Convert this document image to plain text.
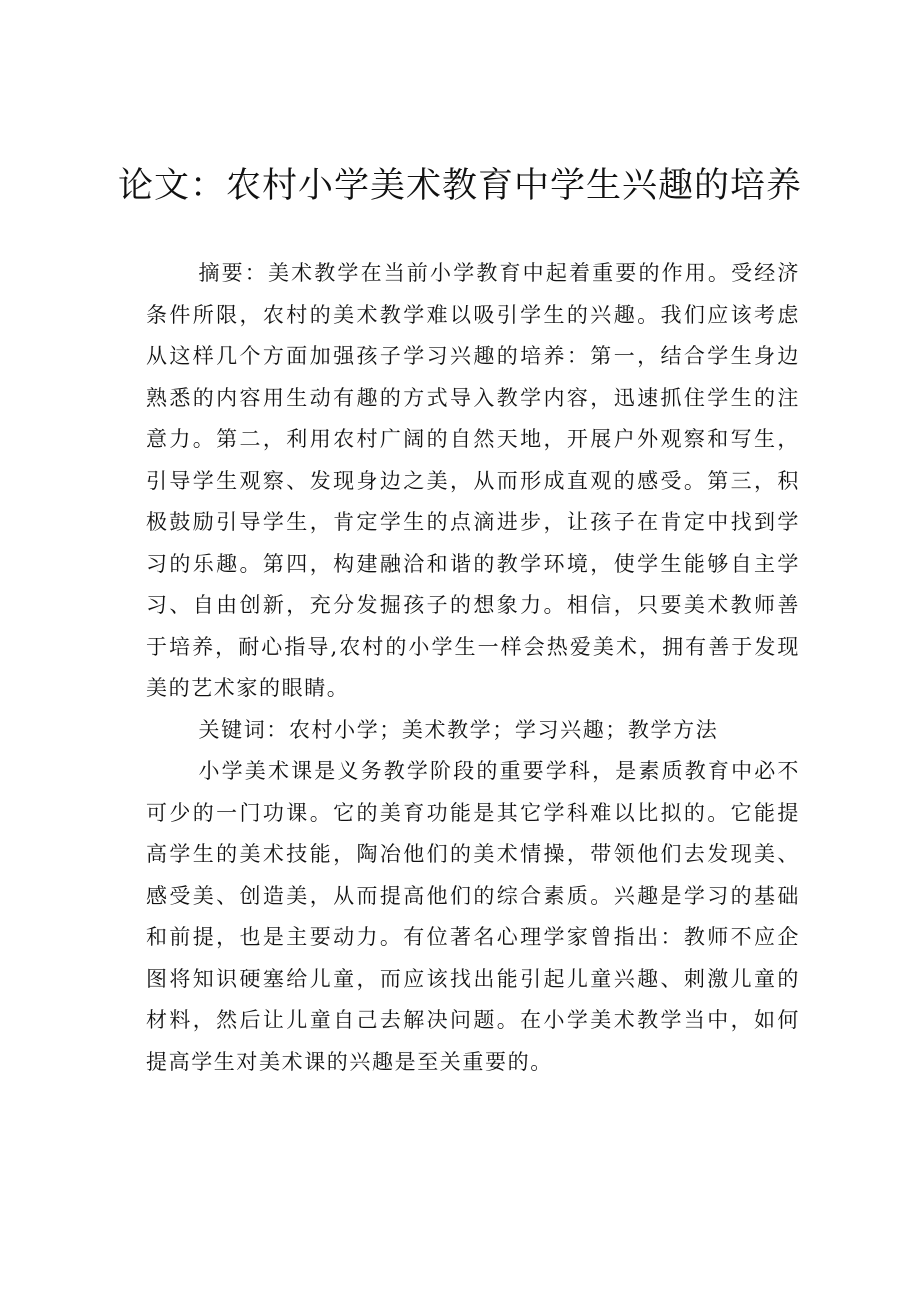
论文：农村小学美术教育中学生兴趣的培养

摘要：美术教学在当前小学教育中起着重要的作用。受经济条件所限，农村的美术教学难以吸引学生的兴趣。我们应该考虑从这样几个方面加强孩子学习兴趣的培养：第一，结合学生身边熟悉的内容用生动有趣的方式导入教学内容，迅速抓住学生的注意力。第二，利用农村广阔的自然天地，开展户外观察和写生，引导学生观察、发现身边之美，从而形成直观的感受。第三，积极鼓励引导学生，肯定学生的点滴进步，让孩子在肯定中找到学习的乐趣。第四，构建融洽和谐的教学环境，使学生能够自主学习、自由创新，充分发掘孩子的想象力。相信，只要美术教师善于培养，耐心指导,农村的小学生一样会热爱美术，拥有善于发现美的艺术家的眼睛。

关键词：农村小学；美术教学；学习兴趣；教学方法

小学美术课是义务教学阶段的重要学科，是素质教育中必不可少的一门功课。它的美育功能是其它学科难以比拟的。它能提高学生的美术技能，陶冶他们的美术情操，带领他们去发现美、感受美、创造美，从而提高他们的综合素质。兴趣是学习的基础和前提，也是主要动力。有位著名心理学家曾指出：教师不应企图将知识硬塞给儿童，而应该找出能引起儿童兴趣、刺激儿童的材料，然后让儿童自己去解决问题。在小学美术教学当中，如何提高学生对美术课的兴趣是至关重要的。
